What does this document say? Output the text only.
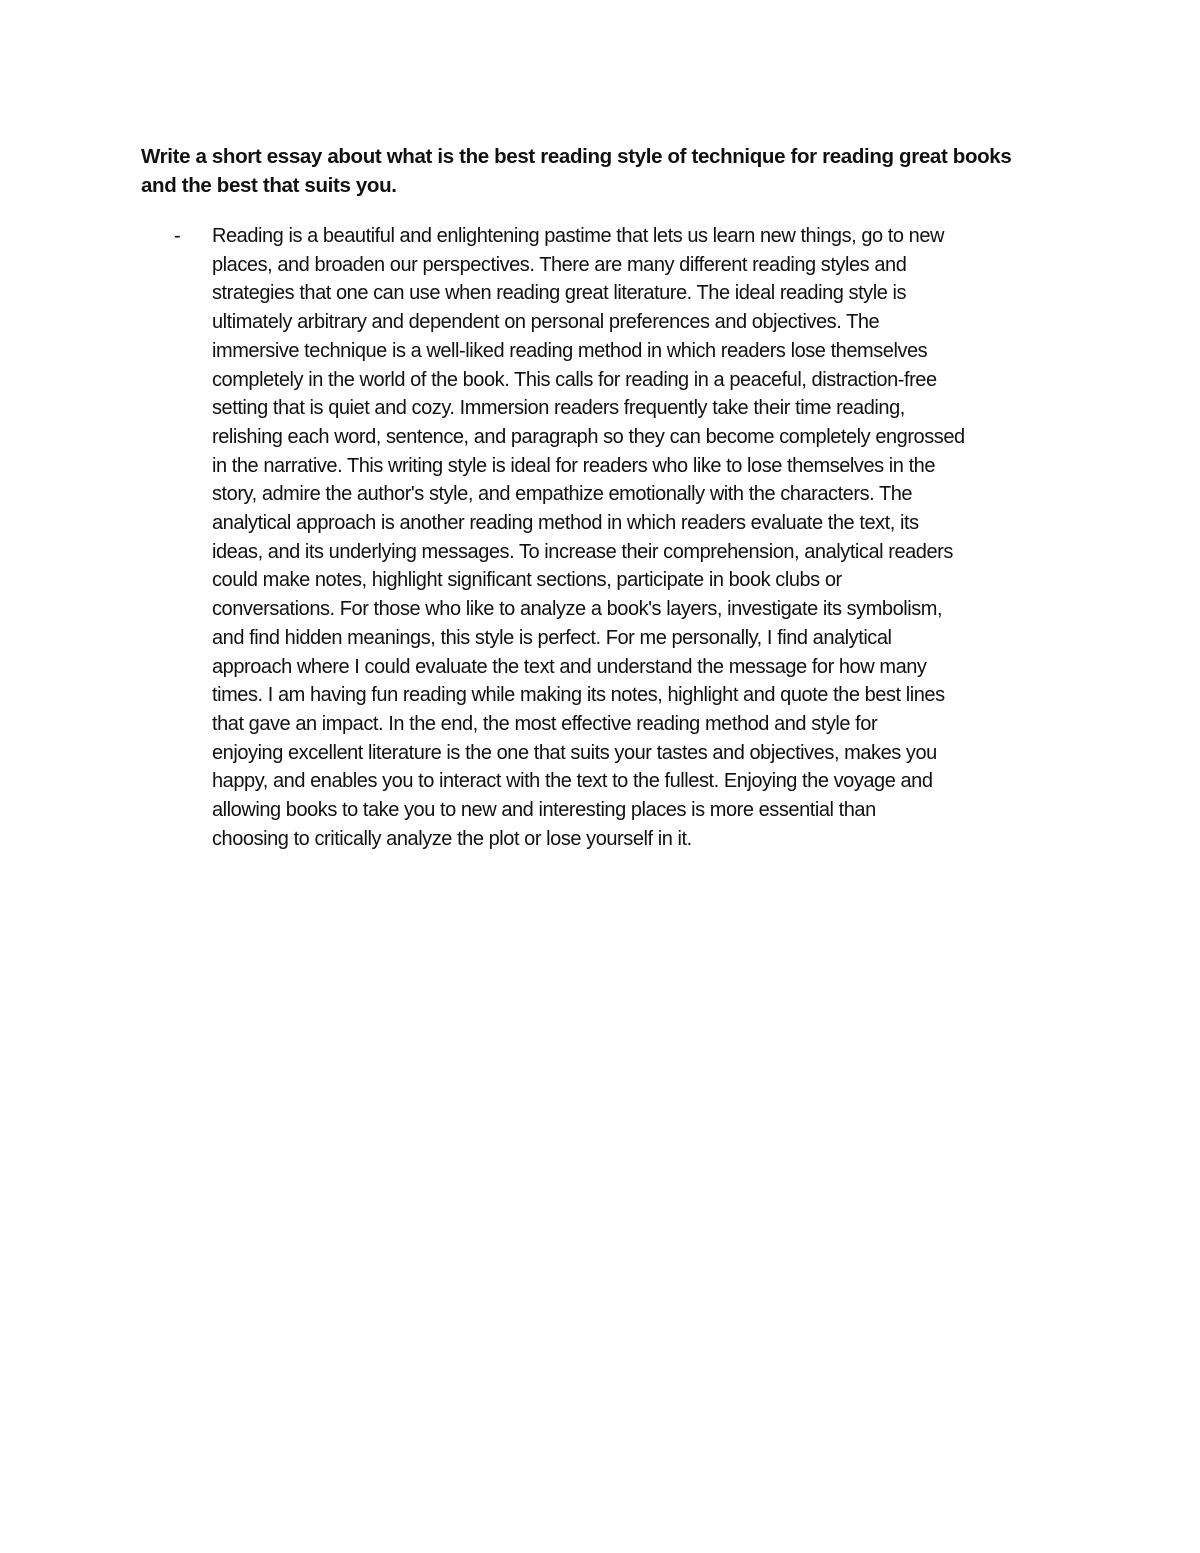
Write a short essay about what is the best reading style of technique for reading great books
and the best that suits you.
- Reading is a beautiful and enlightening pastime that lets us learn new things, go to new
places, and broaden our perspectives. There are many different reading styles and
strategies that one can use when reading great literature. The ideal reading style is
ultimately arbitrary and dependent on personal preferences and objectives. The
immersive technique is a well-liked reading method in which readers lose themselves
completely in the world of the book. This calls for reading in a peaceful, distraction-free
setting that is quiet and cozy. Immersion readers frequently take their time reading,
relishing each word, sentence, and paragraph so they can become completely engrossed
in the narrative. This writing style is ideal for readers who like to lose themselves in the
story, admire the author's style, and empathize emotionally with the characters. The
analytical approach is another reading method in which readers evaluate the text, its
ideas, and its underlying messages. To increase their comprehension, analytical readers
could make notes, highlight significant sections, participate in book clubs or
conversations. For those who like to analyze a book's layers, investigate its symbolism,
and find hidden meanings, this style is perfect. For me personally, I find analytical
approach where I could evaluate the text and understand the message for how many
times. I am having fun reading while making its notes, highlight and quote the best lines
that gave an impact. In the end, the most effective reading method and style for
enjoying excellent literature is the one that suits your tastes and objectives, makes you
happy, and enables you to interact with the text to the fullest. Enjoying the voyage and
allowing books to take you to new and interesting places is more essential than
choosing to critically analyze the plot or lose yourself in it.
